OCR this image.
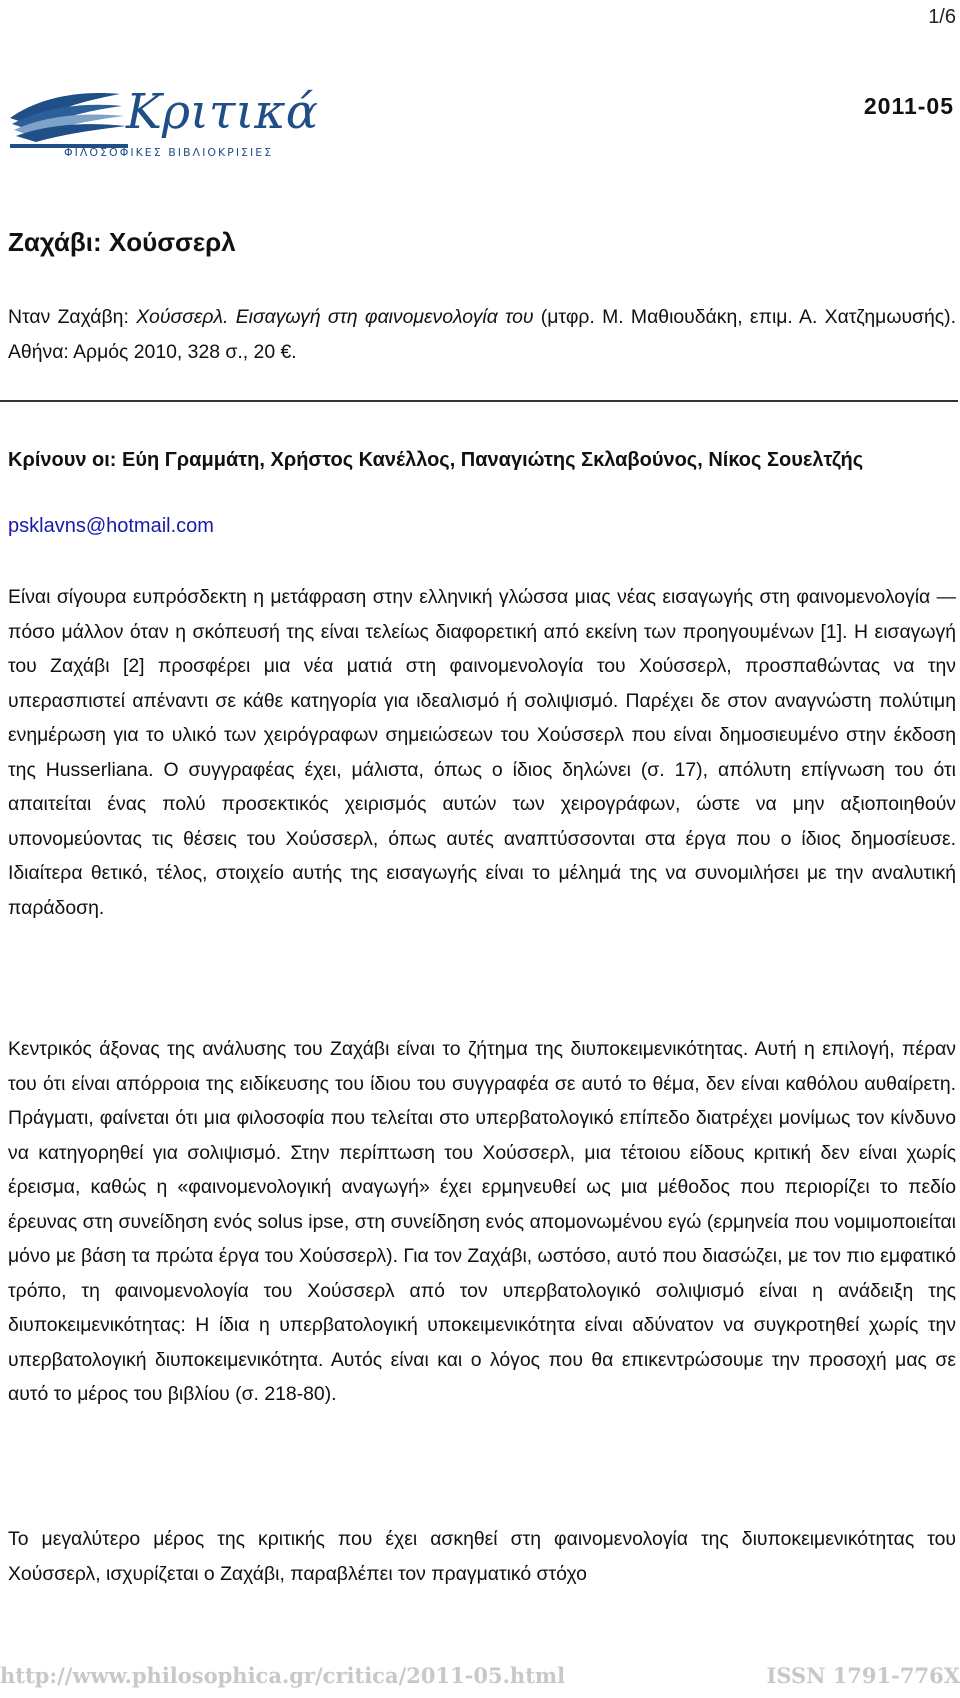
1/6
Κριτικά
ΦΙΛΟΣΟΦΙΚΕΣ ΒΙΒΛΙΟΚΡΙΣΙΕΣ
2011-05
Ζαχάβι: Χούσσερλ

Νταν Ζαχάβη: Χούσσερλ. Εισαγωγή στη φαινομενολογία του (μτφρ. Μ. Μαθιουδάκη, επιμ. Α. Χατζημωυσής). Αθήνα: Αρμός 2010, 328 σ., 20 €.

Κρίνουν οι: Εύη Γραμμάτη, Χρήστος Κανέλλος, Παναγιώτης Σκλαβούνος, Νίκος Σουελτζής

psklavns@hotmail.com

Είναι σίγουρα ευπρόσδεκτη η μετάφραση στην ελληνική γλώσσα μιας νέας εισαγωγής στη φαινομενολογία — πόσο μάλλον όταν η σκόπευσή της είναι τελείως διαφορετική από εκείνη των προηγουμένων [1]. Η εισαγωγή του Ζαχάβι [2] προσφέρει μια νέα ματιά στη φαινομενολογία του Χούσσερλ, προσπαθώντας να την υπερασπιστεί απέναντι σε κάθε κατηγορία για ιδεαλισμό ή σολιψισμό. Παρέχει δε στον αναγνώστη πολύτιμη ενημέρωση για το υλικό των χειρόγραφων σημειώσεων του Χούσσερλ που είναι δημοσιευμένο στην έκδοση της Husserliana. Ο συγγραφέας έχει, μάλιστα, όπως ο ίδιος δηλώνει (σ. 17), απόλυτη επίγνωση του ότι απαιτείται ένας πολύ προσεκτικός χειρισμός αυτών των χειρογράφων, ώστε να μην αξιοποιηθούν υπονομεύοντας τις θέσεις του Χούσσερλ, όπως αυτές αναπτύσσονται στα έργα που ο ίδιος δημοσίευσε. Ιδιαίτερα θετικό, τέλος, στοιχείο αυτής της εισαγωγής είναι το μέλημά της να συνομιλήσει με την αναλυτική παράδοση.

Κεντρικός άξονας της ανάλυσης του Ζαχάβι είναι το ζήτημα της διυποκειμενικότητας. Αυτή η επιλογή, πέραν του ότι είναι απόρροια της ειδίκευσης του ίδιου του συγγραφέα σε αυτό το θέμα, δεν είναι καθόλου αυθαίρετη. Πράγματι, φαίνεται ότι μια φιλοσοφία που τελείται στο υπερβατολογικό επίπεδο διατρέχει μονίμως τον κίνδυνο να κατηγορηθεί για σολιψισμό. Στην περίπτωση του Χούσσερλ, μια τέτοιου είδους κριτική δεν είναι χωρίς έρεισμα, καθώς η «φαινομενολογική αναγωγή» έχει ερμηνευθεί ως μια μέθοδος που περιορίζει το πεδίο έρευνας στη συνείδηση ενός solus ipse, στη συνείδηση ενός απομονωμένου εγώ (ερμηνεία που νομιμοποιείται μόνο με βάση τα πρώτα έργα του Χούσσερλ). Για τον Ζαχάβι, ωστόσο, αυτό που διασώζει, με τον πιο εμφατικό τρόπο, τη φαινομενολογία του Χούσσερλ από τον υπερβατολογικό σολιψισμό είναι η ανάδειξη της διυποκειμενικότητας: Η ίδια η υπερβατολογική υποκειμενικότητα είναι αδύνατον να συγκροτηθεί χωρίς την υπερβατολογική διυποκειμενικότητα. Αυτός είναι και ο λόγος που θα επικεντρώσουμε την προσοχή μας σε αυτό το μέρος του βιβλίου (σ. 218-80).

Το μεγαλύτερο μέρος της κριτικής που έχει ασκηθεί στη φαινομενολογία της διυποκειμενικότητας του Χούσσερλ, ισχυρίζεται ο Ζαχάβι, παραβλέπει τον πραγματικό στόχο

http://www.philosophica.gr/critica/2011-05.html	ISSN 1791-776X
